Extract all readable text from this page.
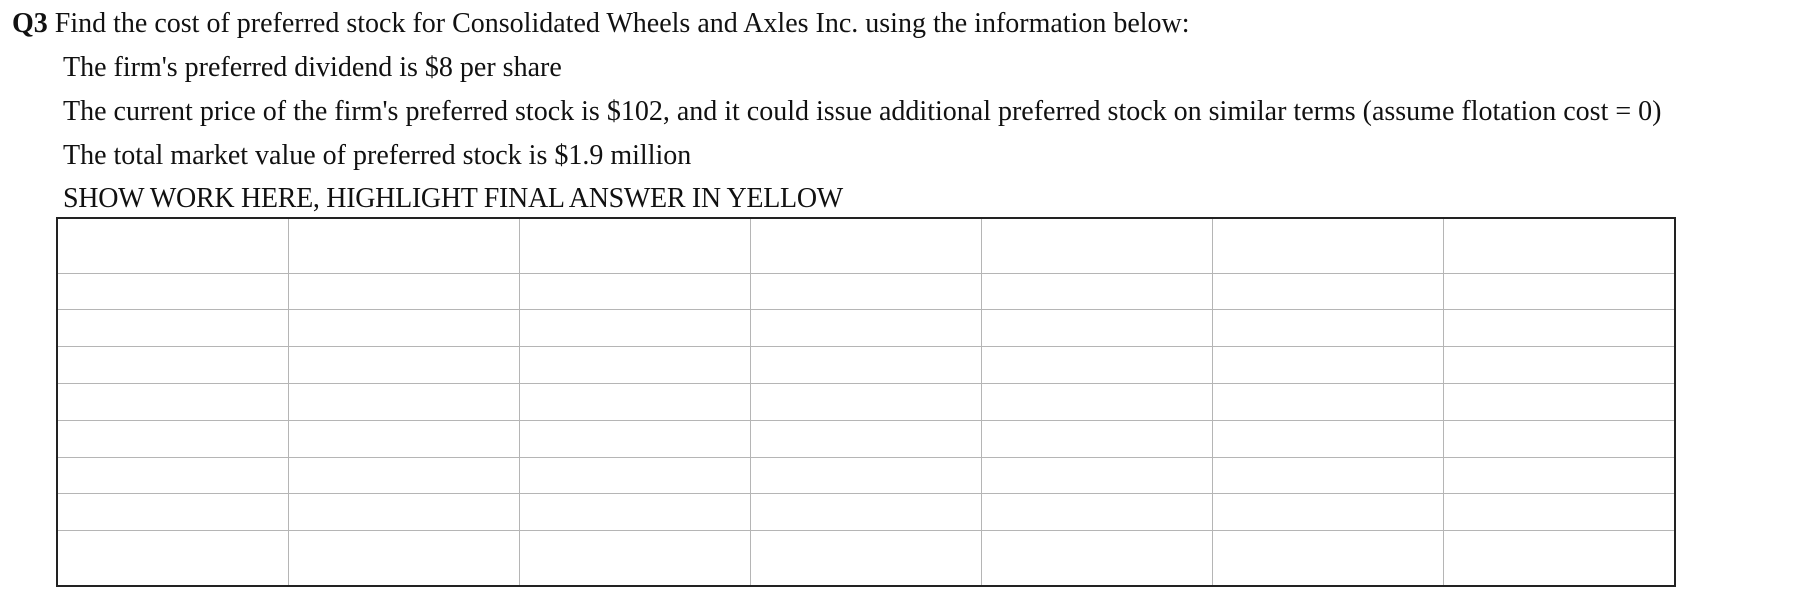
Q3 Find the cost of preferred stock for Consolidated Wheels and Axles Inc. using the information below:
The firm's preferred dividend is $8 per share
The current price of the firm's preferred stock is $102, and it could issue additional preferred stock on similar terms (assume flotation cost = 0)
The total market value of preferred stock is $1.9 million
SHOW WORK HERE, HIGHLIGHT FINAL ANSWER IN YELLOW
